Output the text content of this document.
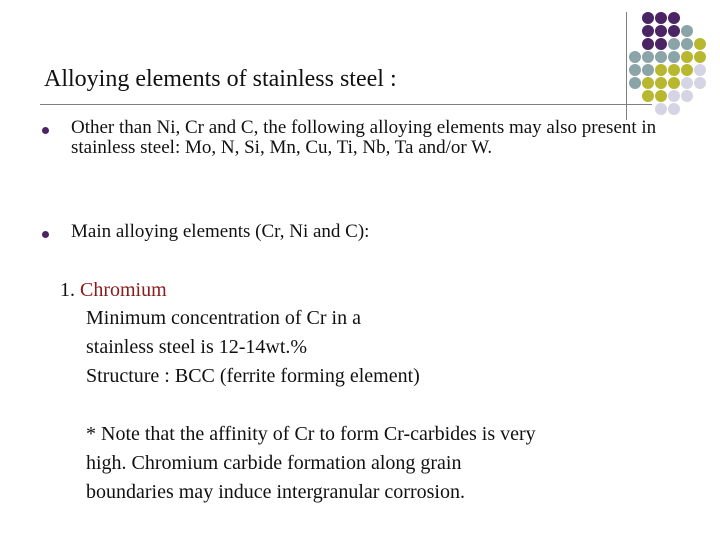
Alloying elements of stainless steel :
Other than Ni, Cr and C, the following alloying elements may also present in stainless steel: Mo, N, Si, Mn, Cu, Ti, Nb, Ta and/or W.
Main alloying elements (Cr, Ni and C):
1. Chromium
Minimum concentration of Cr in a
stainless steel is 12-14wt.%
Structure : BCC (ferrite forming element)
* Note that the affinity of Cr to form Cr-carbides is very
high. Chromium carbide formation along grain
boundaries may induce intergranular corrosion.
